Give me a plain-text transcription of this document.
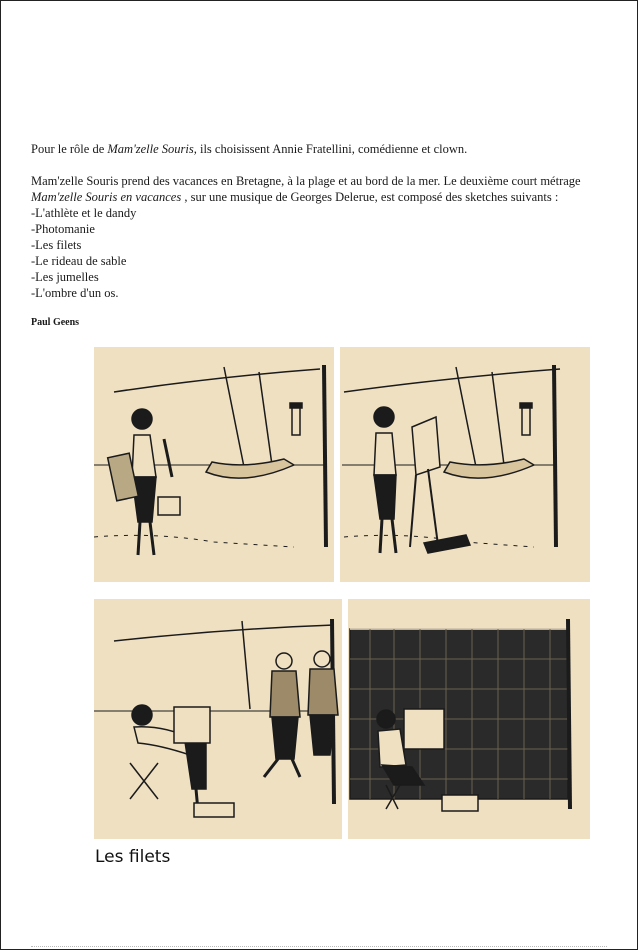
Pour le rôle de Mam'zelle Souris, ils choisissent Annie Fratellini, comédienne et clown.

Mam'zelle Souris prend des vacances en Bretagne, à la plage et au bord de la mer. Le deuxième court métrage Mam'zelle Souris en vacances , sur une musique de Georges Delerue, est composé des sketches suivants :

-L'athlète et le dandy
-Photomanie
-Les filets
-Le rideau de sable
-Les jumelles
-L'ombre d'un os.
Paul Geens
Les filets
